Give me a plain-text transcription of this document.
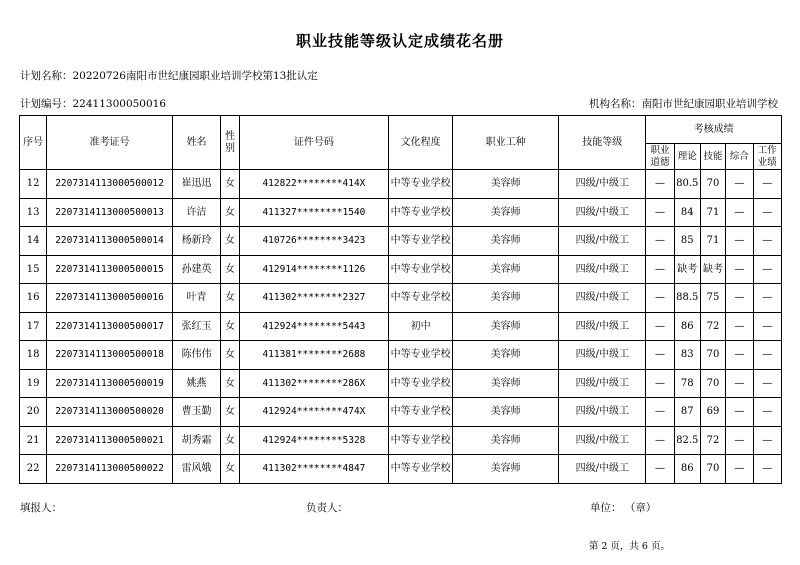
职业技能等级认定成绩花名册
计划名称：20220726南阳市世纪康园职业培训学校第13批认定
计划编号：22411300050016	机构名称：南阳市世纪康园职业培训学校
序号	准考证号	姓名	性别	证件号码	文化程度	职业工种	技能等级	考核成绩				
								职业道德	理论	技能	综合	工作业绩
12	2207314113000500012	崔迅迅	女	412822********414X	中等专业学校	美容师	四级/中级工	—	80.5	70	—	—
13	2207314113000500013	许洁	女	411327********1540	中等专业学校	美容师	四级/中级工	—	84	71	—	—
14	2207314113000500014	杨新玲	女	410726********3423	中等专业学校	美容师	四级/中级工	—	85	71	—	—
15	2207314113000500015	孙建英	女	412914********1126	中等专业学校	美容师	四级/中级工	—	缺考	缺考	—	—
16	2207314113000500016	叶青	女	411302********2327	中等专业学校	美容师	四级/中级工	—	88.5	75	—	—
17	2207314113000500017	张红玉	女	412924********5443	初中	美容师	四级/中级工	—	86	72	—	—
18	2207314113000500018	陈伟伟	女	411381********2688	中等专业学校	美容师	四级/中级工	—	83	70	—	—
19	2207314113000500019	姚燕	女	411302********286X	中等专业学校	美容师	四级/中级工	—	78	70	—	—
20	2207314113000500020	曹玉勤	女	412924********474X	中等专业学校	美容师	四级/中级工	—	87	69	—	—
21	2207314113000500021	胡秀霜	女	412924********5328	中等专业学校	美容师	四级/中级工	—	82.5	72	—	—
22	2207314113000500022	雷风娥	女	411302********4847	中等专业学校	美容师	四级/中级工	—	86	70	—	—
填报人：	负责人：	单位： （章）
第 2 页，共 6 页。
